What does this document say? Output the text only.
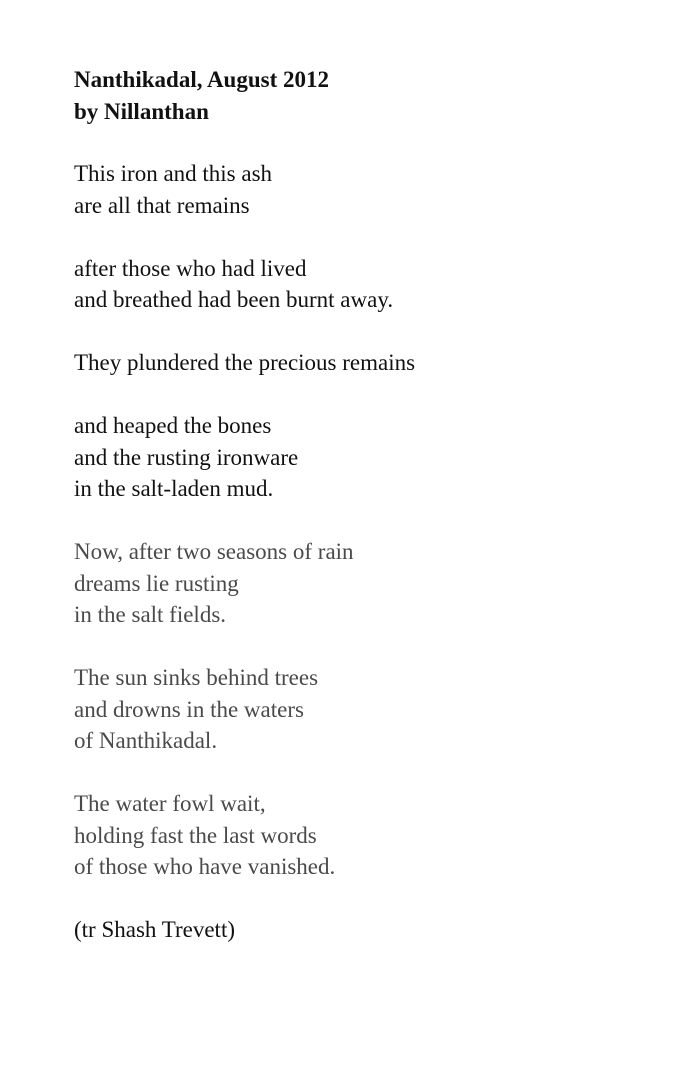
Nanthikadal, August 2012
by Nillanthan
This iron and this ash
are all that remains
after those who had lived
and breathed had been burnt away.
They plundered the precious remains
and heaped the bones
and the rusting ironware
in the salt-laden mud.
Now, after two seasons of rain
dreams lie rusting
in the salt fields.
The sun sinks behind trees
and drowns in the waters
of Nanthikadal.
The water fowl wait,
holding fast the last words
of those who have vanished.
(tr Shash Trevett)
